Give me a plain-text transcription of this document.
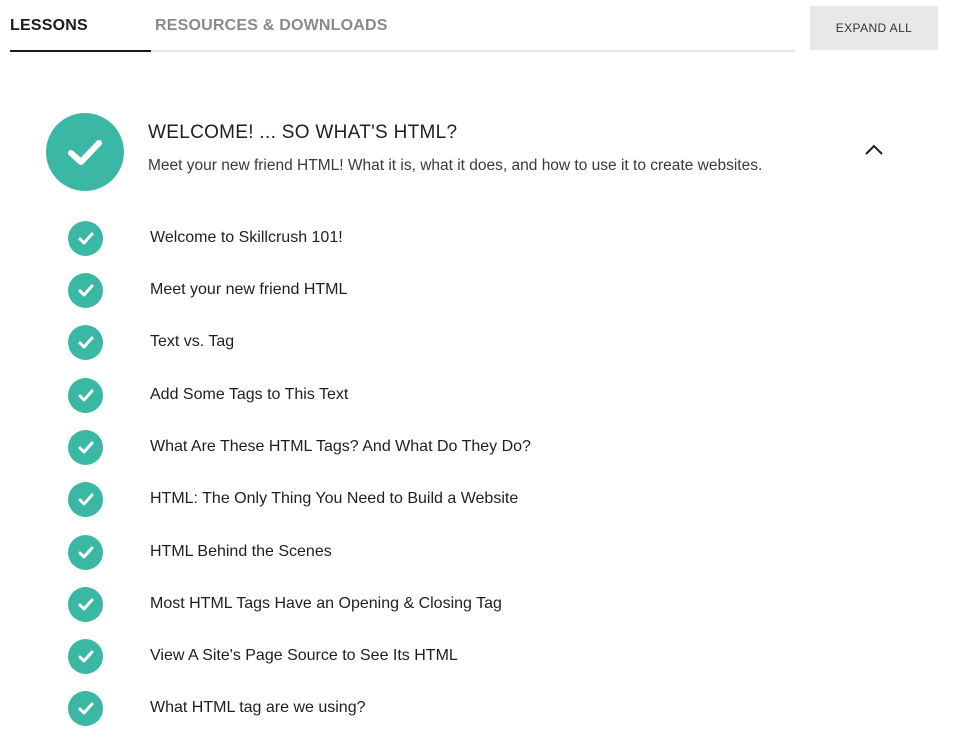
LESSONS	RESOURCES & DOWNLOADS	EXPAND ALL
WELCOME! ... SO WHAT'S HTML?
Meet your new friend HTML! What it is, what it does, and how to use it to create websites.
Welcome to Skillcrush 101!
Meet your new friend HTML
Text vs. Tag
Add Some Tags to This Text
What Are These HTML Tags? And What Do They Do?
HTML: The Only Thing You Need to Build a Website
HTML Behind the Scenes
Most HTML Tags Have an Opening & Closing Tag
View A Site's Page Source to See Its HTML
What HTML tag are we using?
